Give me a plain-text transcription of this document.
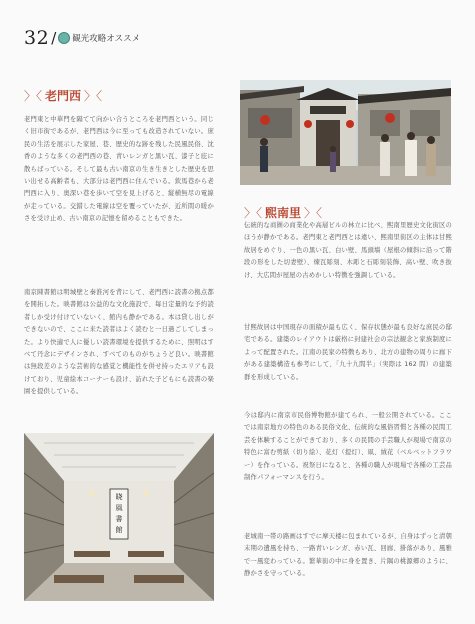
32 / 観光攻略オススメ
〉〈 老門西 〉〈

老門東と中華門を隔てて向かい合うところを老門西という。同じく旧市街であるが、老門西は今に至っても改造されていない。庶民の生活を展示した家屋、巷、歴史的な跡を残した民風民俗、沈香のような多くの老門西の巷、青いレンガと黒い瓦、漆子と庇に散らばっている。そして最も古い南京の生き生きとした歴史を思い出せる高齢者も、大部分は老門西に住んでいる。欽馬巷から老門西に入り、奥深い巷を歩いて空を見上げると、縦横無尽の電線が走っている。交錯した電線は空を覆っていたが、近所間の暖かさを受け止め、古い南京の記憶を留めることもできた。

南京陳書館は明城壁と秦淮河を背にして、老門西に読書の拠点都を開拓した。映書館は公益的な文化施設で、毎日定量的な予約読者しか受け付けていないく、館内も静かである。本は貸し出しができないので、ここに来た読者はよく読むと一日過ごしてしまった。より快適で人に優しい読書環境を提供するために、照明はすべて丹念にデザインされ、すべてのものがちょうど良い。映書館は無段差のような芸術的な感覚と機能性を併せ持ったエリアも設けており、児童絵本コーナーも設け、訪れた子どもにも読書の楽園を提供している。

〉〈 熙南里 〉〈

伝統的な商圏の商業化や高層ビルの林立に比べ、熙南里歴史文化街区のほうが静かである。老門東と老門西とは違い、熙南里街区の主体は甘熙故居をめぐり、一色の黒い瓦、白い壁、馬頭墻（屋根の傾斜に沿って階段の形をした切妻壁）、煉瓦彫刻、木彫と石彫刻装飾、高い壁、吹き抜け、大広間が屋屋の古めかしい特徴を強調している。

甘熙故居は中国現存の面積が最も広く、保存状態が最も良好な庶民の邸宅である。建築のレイアウトは厳格に封建社会の宗法観念と家族制度によって配置された。江南の民家の特徴もあり、北方の建物の周りに廊下がある建築構造も参考にして、「九十九間半」（実際は 162 間）の建築群を形成している。

今は邸内に南京市民俗博物館が建てられ、一般公開されている。ここでは南京地方の特色のある民俗文化、伝統的な風俗習慣と各種の民間工芸を体験することができており、多くの民間の手芸職人が現場で南京の特色に富む剪紙（切り絵）、花灯（提灯）、凧、絨花（ベルベットフラワー）を作っている。祝祭日になると、各種の職人が現場で各種の工芸品制作パフォーマンスを行う。

老城南一帯の路画はすでに摩天楼に包まれているが、自身はずっと清朝末期の遺風を持ち、一路青いレンガ、赤い瓦、回廊、掛落があり、風雅で一風変わっている。繁華街の中に身を置き、片隅の桃源郷のように、静かさを守っている。

晓 風 書 館
